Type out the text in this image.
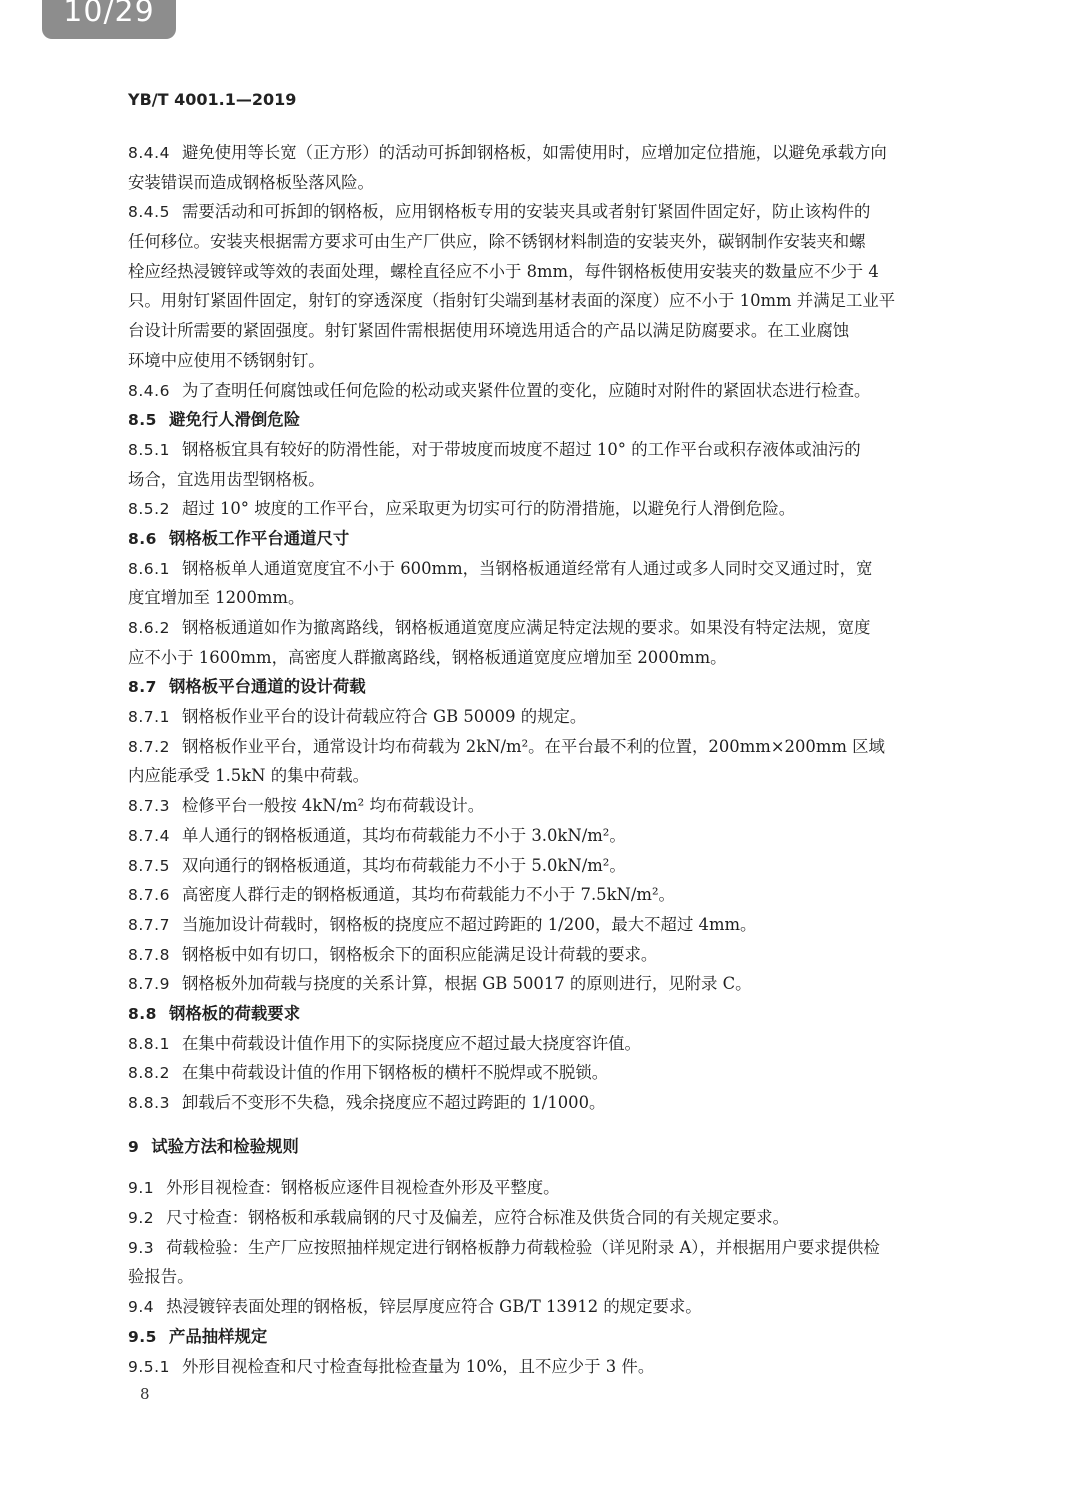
10/29
YB/T 4001.1—2019
8.4.4 避免使用等长宽（正方形）的活动可拆卸钢格板，如需使用时，应增加定位措施，以避免承载方向
安装错误而造成钢格板坠落风险。
8.4.5 需要活动和可拆卸的钢格板，应用钢格板专用的安装夹具或者射钉紧固件固定好，防止该构件的
任何移位。安装夹根据需方要求可由生产厂供应，除不锈钢材料制造的安装夹外，碳钢制作安装夹和螺
栓应经热浸镀锌或等效的表面处理，螺栓直径应不小于 8mm，每件钢格板使用安装夹的数量应不少于 4
只。用射钉紧固件固定，射钉的穿透深度（指射钉尖端到基材表面的深度）应不小于 10mm 并满足工业平
台设计所需要的紧固强度。射钉紧固件需根据使用环境选用适合的产品以满足防腐要求。在工业腐蚀
环境中应使用不锈钢射钉。
8.4.6 为了查明任何腐蚀或任何危险的松动或夹紧件位置的变化，应随时对附件的紧固状态进行检查。
8.5 避免行人滑倒危险
8.5.1 钢格板宜具有较好的防滑性能，对于带坡度而坡度不超过 10° 的工作平台或积存液体或油污的
场合，宜选用齿型钢格板。
8.5.2 超过 10° 坡度的工作平台，应采取更为切实可行的防滑措施，以避免行人滑倒危险。
8.6 钢格板工作平台通道尺寸
8.6.1 钢格板单人通道宽度宜不小于 600mm，当钢格板通道经常有人通过或多人同时交叉通过时，宽
度宜增加至 1200mm。
8.6.2 钢格板通道如作为撤离路线，钢格板通道宽度应满足特定法规的要求。如果没有特定法规，宽度
应不小于 1600mm，高密度人群撤离路线，钢格板通道宽度应增加至 2000mm。
8.7 钢格板平台通道的设计荷载
8.7.1 钢格板作业平台的设计荷载应符合 GB 50009 的规定。
8.7.2 钢格板作业平台，通常设计均布荷载为 2kN/m²。在平台最不利的位置，200mm×200mm 区域
内应能承受 1.5kN 的集中荷载。
8.7.3 检修平台一般按 4kN/m² 均布荷载设计。
8.7.4 单人通行的钢格板通道，其均布荷载能力不小于 3.0kN/m²。
8.7.5 双向通行的钢格板通道，其均布荷载能力不小于 5.0kN/m²。
8.7.6 高密度人群行走的钢格板通道，其均布荷载能力不小于 7.5kN/m²。
8.7.7 当施加设计荷载时，钢格板的挠度应不超过跨距的 1/200，最大不超过 4mm。
8.7.8 钢格板中如有切口，钢格板余下的面积应能满足设计荷载的要求。
8.7.9 钢格板外加荷载与挠度的关系计算，根据 GB 50017 的原则进行，见附录 C。
8.8 钢格板的荷载要求
8.8.1 在集中荷载设计值作用下的实际挠度应不超过最大挠度容许值。
8.8.2 在集中荷载设计值的作用下钢格板的横杆不脱焊或不脱锁。
8.8.3 卸载后不变形不失稳，残余挠度应不超过跨距的 1/1000。
9 试验方法和检验规则
9.1 外形目视检查：钢格板应逐件目视检查外形及平整度。
9.2 尺寸检查：钢格板和承载扁钢的尺寸及偏差，应符合标准及供货合同的有关规定要求。
9.3 荷载检验：生产厂应按照抽样规定进行钢格板静力荷载检验（详见附录 A），并根据用户要求提供检
验报告。
9.4 热浸镀锌表面处理的钢格板，锌层厚度应符合 GB/T 13912 的规定要求。
9.5 产品抽样规定
9.5.1 外形目视检查和尺寸检查每批检查量为 10%，且不应少于 3 件。
8
